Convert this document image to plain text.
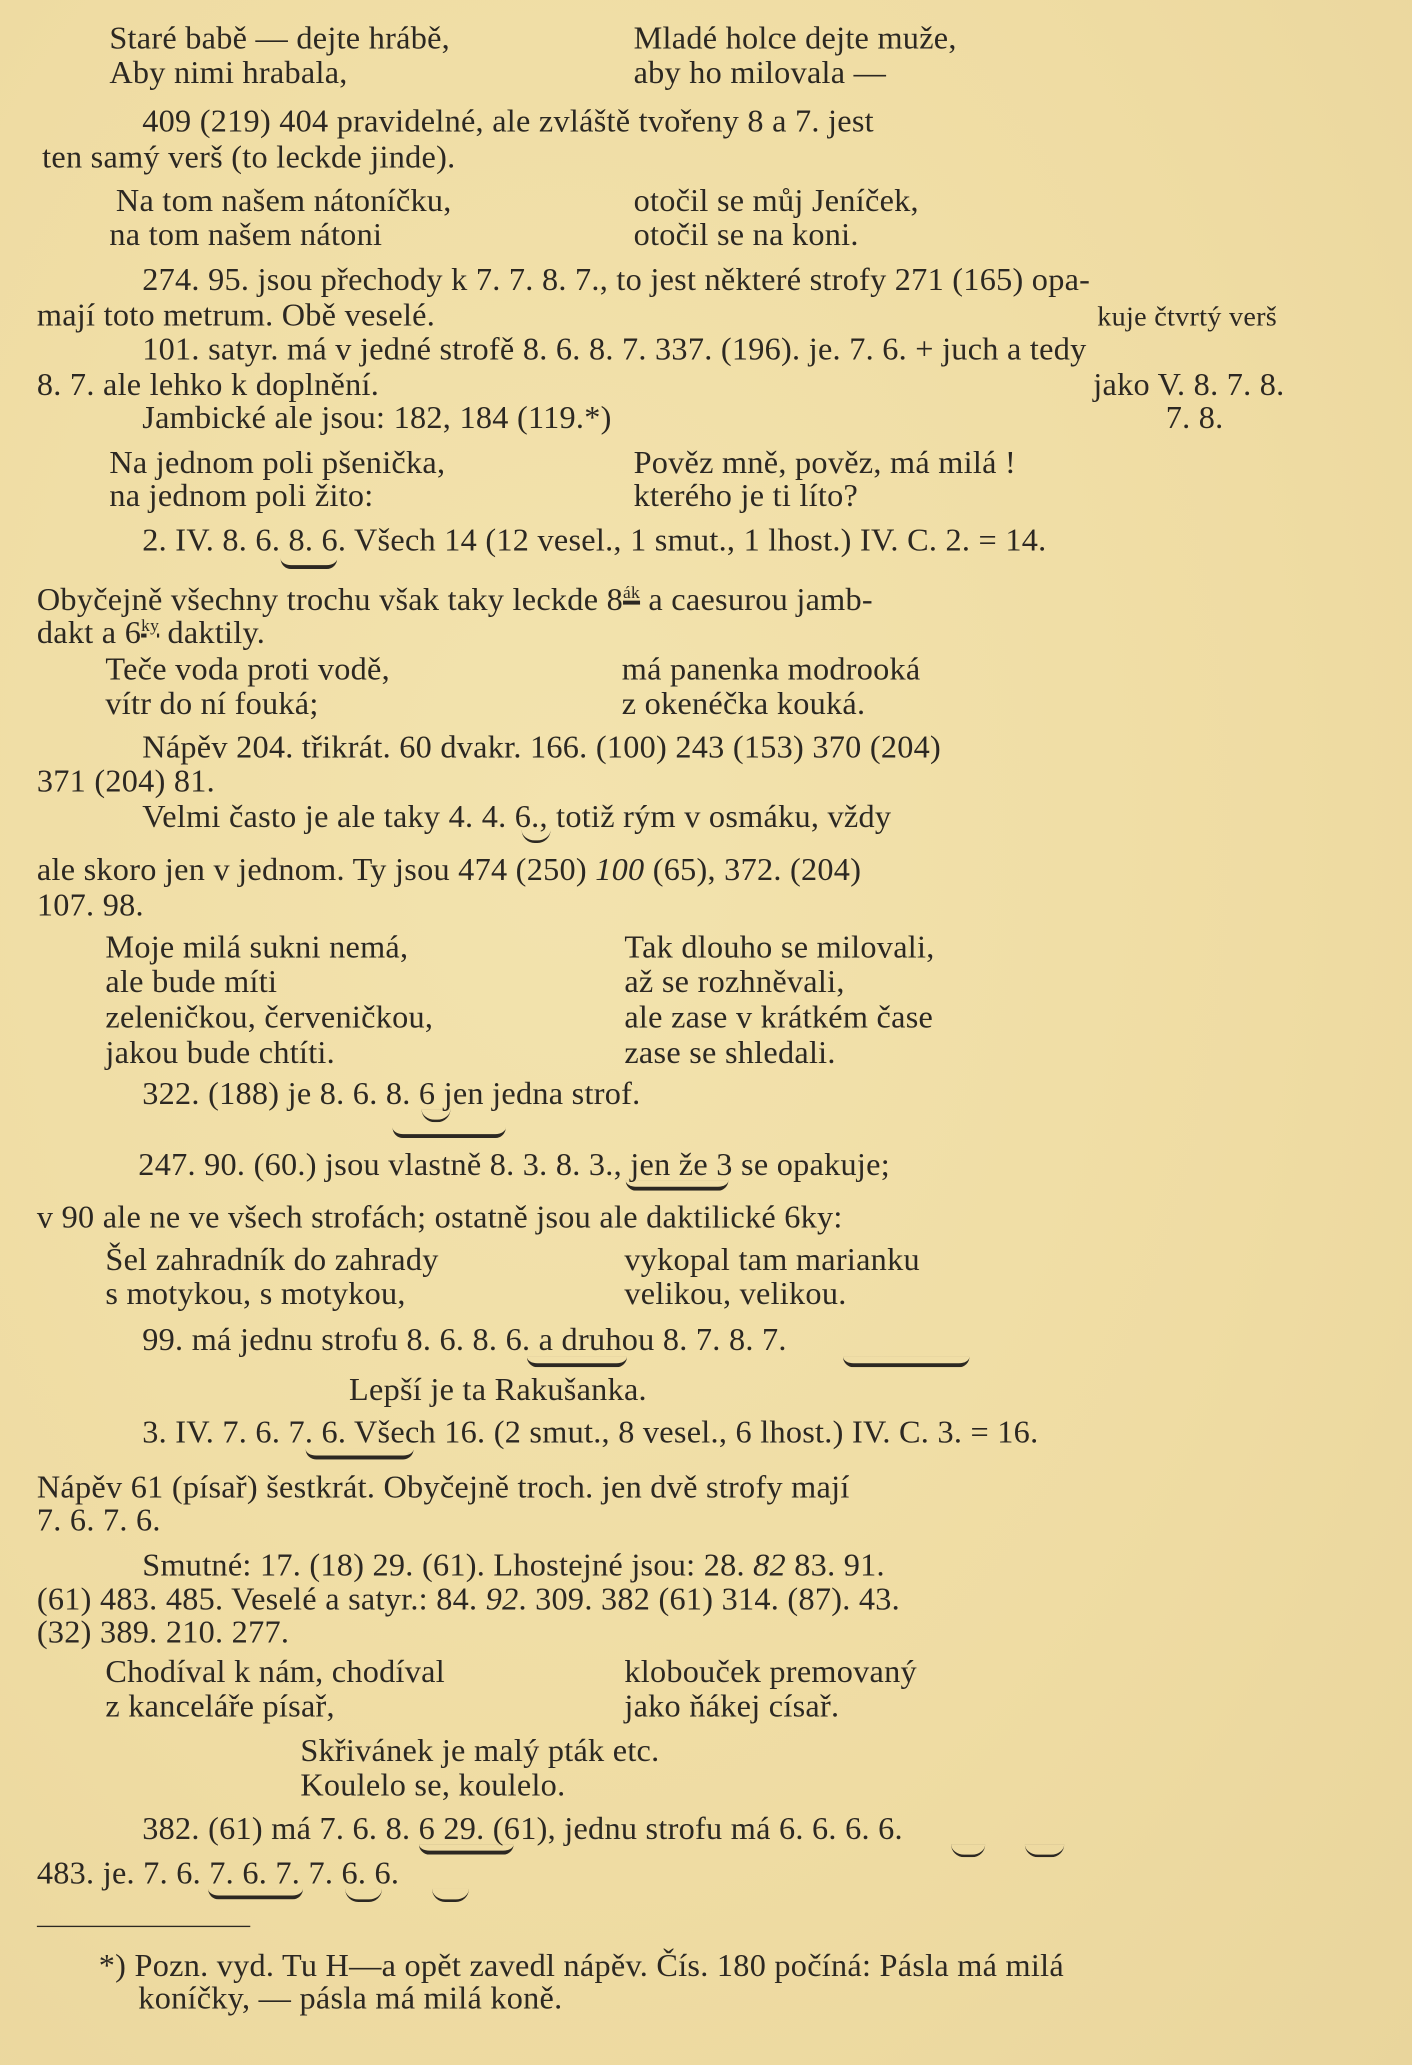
Staré babě — dejte hrábě,	Mladé holce dejte muže,
Aby nimi hrabala,	aby ho milovala —
409 (219) 404 pravidelné, ale zvláště tvořeny 8 a 7. jest
ten samý verš (to leckde jinde).
Na tom našem nátoníčku,	otočil se můj Jeníček,
na tom našem nátoni	otočil se na koni.
274. 95. jsou přechody k 7. 7. 8. 7., to jest některé strofy 271 (165) opa-
mají toto metrum. Obě veselé.	kuje čtvrtý verš
101. satyr. má v jedné strofě 8. 6. 8. 7. 337. (196). je. 7. 6. + juch a tedy
8. 7. ale lehko k doplnění.	jako V. 8. 7. 8.
Jambické ale jsou: 182, 184 (119.*)	7. 8.
Na jednom poli pšenička,	Pověz mně, pověz, má milá !
na jednom poli žito:	kterého je ti líto?
2. IV. 8. 6. 8. 6. Všech 14 (12 vesel., 1 smut., 1 lhost.) IV. C. 2. = 14.
Obyčejně všechny trochu však taky leckde $8^{ák}$ a caesurou jamb-
dakt a $6^{ky}$ daktily.
Teče voda proti vodě,	má panenka modrooká
vítr do ní fouká;	z okenéčka kouká.
Nápěv 204. třikrát. 60 dvakr. 166. (100) 243 (153) 370 (204)
371 (204) 81.
Velmi často je ale taky 4. 4. 6., totiž rým v osmáku, vždy
ale skoro jen v jednom. Ty jsou 474 (250) 100 (65), 372. (204)
107. 98.
Moje milá sukni nemá,	Tak dlouho se milovali,
ale bude míti	až se rozhněvali,
zeleničkou, červeničkou,	ale zase v krátkém čase
jakou bude chtíti.	zase se shledali.
322. (188) je 8. 6. 8. 6 jen jedna strof.
247. 90. (60.) jsou vlastně 8. 3. 8. 3., jen že 3 se opakuje;
v 90 ale ne ve všech strofách; ostatně jsou ale daktilické 6ky:
Šel zahradník do zahrady	vykopal tam marianku
s motykou, s motykou,	velikou, velikou.
99. má jednu strofu 8. 6. 8. 6. a druhou 8. 7. 8. 7.
Lepší je ta Rakušanka.
3. IV. 7. 6. 7. 6. Všech 16. (2 smut., 8 vesel., 6 lhost.) IV. C. 3. = 16.
Nápěv 61 (písař) šestkrát. Obyčejně troch. jen dvě strofy mají
7. 6. 7. 6.
Smutné: 17. (18) 29. (61). Lhostejné jsou: 28. 82 83. 91.
(61) 483. 485. Veselé a satyr.: 84. 92. 309. 382 (61) 314. (87). 43.
(32) 389. 210. 277.
Chodíval k nám, chodíval	klobouček premovaný
z kanceláře písař,	jako ňákej císař.
Skřivánek je malý pták etc.
Koulelo se, koulelo.
382. (61) má 7. 6. 8. 6 29. (61), jednu strofu má 6. 6. 6. 6.
483. je. 7. 6. 7. 6. 7. 7. 6. 6.
*) Pozn. vyd. Tu H—a opět zavedl nápěv. Čís. 180 počíná: Pásla má milá
koníčky, — pásla má milá koně.
